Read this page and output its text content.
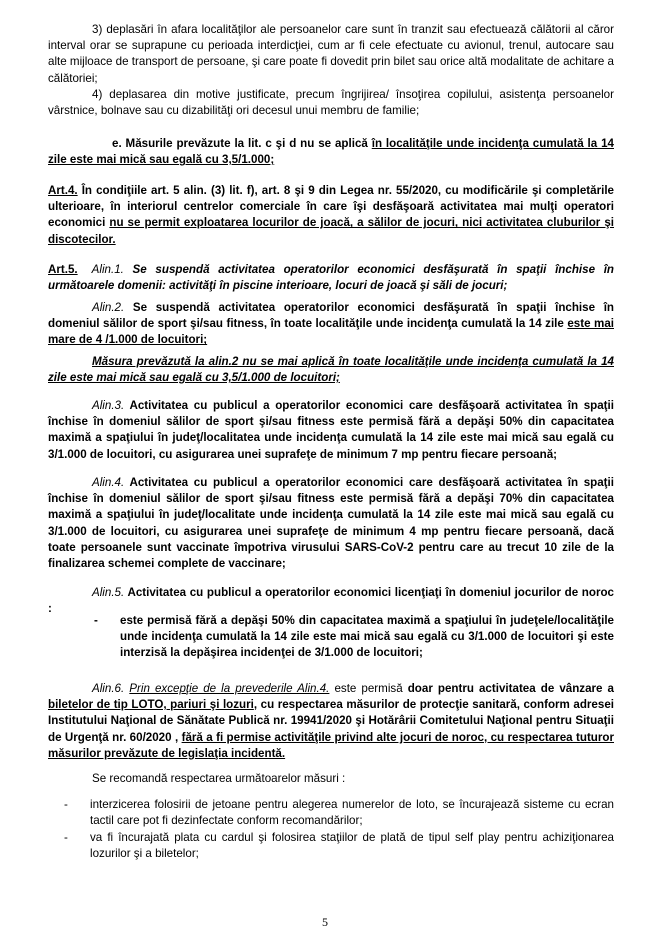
3) deplasări în afara localităţilor ale persoanelor care sunt în tranzit sau efectuează călătorii al căror interval orar se suprapune cu perioada interdicţiei, cum ar fi cele efectuate cu avionul, trenul, autocare sau alte mijloace de transport de persoane, şi care poate fi dovedit prin bilet sau orice altă modalitate de achitare a călătoriei;
4) deplasarea din motive justificate, precum îngrijirea/ însoţirea copilului, asistenţa persoanelor vârstnice, bolnave sau cu dizabilităţi ori decesul unui membru de familie;
e. Măsurile prevăzute la lit. c şi d nu se aplică în localităţile unde incidenţa cumulată la 14 zile este mai mică sau egală cu 3,5/1.000;
Art.4. În condiţiile art. 5 alin. (3) lit. f), art. 8 şi 9 din Legea nr. 55/2020, cu modificările şi completările ulterioare, în interiorul centrelor comerciale în care îşi desfăşoară activitatea mai mulţi operatori economici nu se permit exploatarea locurilor de joacă, a sălilor de jocuri, nici activitatea cluburilor şi discotecilor.
Art.5. Alin.1. Se suspendă activitatea operatorilor economici desfăşurată în spaţii închise în următoarele domenii: activităţi în piscine interioare, locuri de joacă şi săli de jocuri;
Alin.2. Se suspendă activitatea operatorilor economici desfăşurată în spaţii închise în domeniul sălilor de sport şi/sau fitness, în toate localităţile unde incidenţa cumulată la 14 zile este mai mare de 4 /1.000 de locuitori;
Măsura prevăzută la alin.2 nu se mai aplică în toate localităţile unde incidenţa cumulată la 14 zile este mai mică sau egală cu 3,5/1.000 de locuitori;
Alin.3. Activitatea cu publicul a operatorilor economici care desfăşoară activitatea în spaţii închise în domeniul sălilor de sport şi/sau fitness este permisă fără a depăşi 50% din capacitatea maximă a spaţiului în judeţ/localitatea unde incidenţa cumulată la 14 zile este mai mică sau egală cu 3/1.000 de locuitori, cu asigurarea unei suprafeţe de minimum 7 mp pentru fiecare persoană;
Alin.4. Activitatea cu publicul a operatorilor economici care desfăşoară activitatea în spaţii închise în domeniul sălilor de sport şi/sau fitness este permisă fără a depăşi 70% din capacitatea maximă a spaţiului în judeţ/localitate unde incidenţa cumulată la 14 zile este mai mică sau egală cu 3/1.000 de locuitori, cu asigurarea unei suprafeţe de minimum 4 mp pentru fiecare persoană, dacă toate persoanele sunt vaccinate împotriva virusului SARS-CoV-2 pentru care au trecut 10 zile de la finalizarea schemei complete de vaccinare;
Alin.5. Activitatea cu publicul a operatorilor economici licenţiaţi în domeniul jocurilor de noroc :
- este permisă fără a depăşi 50% din capacitatea maximă a spaţiului în judeţele/localităţile unde incidenţa cumulată la 14 zile este mai mică sau egală cu 3/1.000 de locuitori şi este interzisă la depăşirea incidenţei de 3/1.000 de locuitori;
Alin.6. Prin excepţie de la prevederile Alin.4. este permisă doar pentru activitatea de vânzare a biletelor de tip LOTO, pariuri şi lozuri, cu respectarea măsurilor de protecţie sanitară, conform adresei Institutului Naţional de Sănătate Publică nr. 19941/2020 şi Hotărârii Comitetului Naţional pentru Situaţii de Urgenţă nr. 60/2020 , fără a fi permise activităţile privind alte jocuri de noroc, cu respectarea tuturor măsurilor prevăzute de legislaţia incidentă.
Se recomandă respectarea următoarelor măsuri :
- interzicerea folosirii de jetoane pentru alegerea numerelor de loto, se încurajează sisteme cu ecran tactil care pot fi dezinfectate conform recomandărilor;
- va fi încurajată plata cu cardul şi folosirea staţiilor de plată de tipul self play pentru achiziţionarea lozurilor şi a biletelor;
5
